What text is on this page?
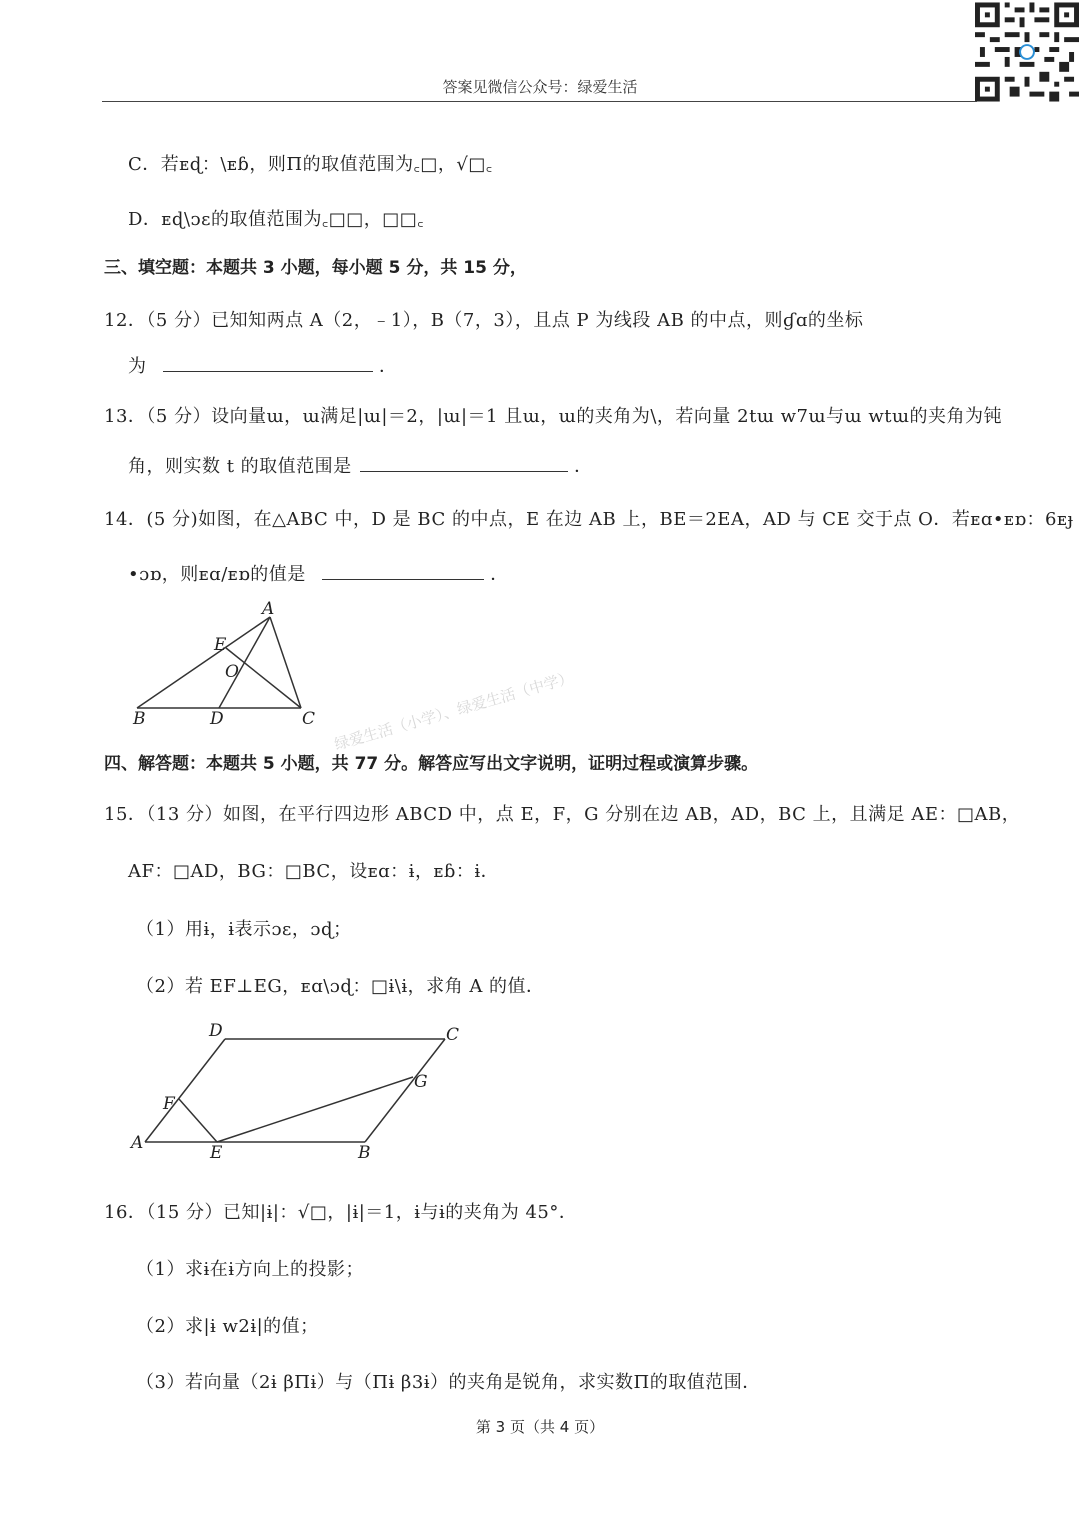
答案见微信公众号：绿爱生活
C．若ᴇɖ：\ᴇɓ，则Π的取值范围为꜀□，√□꜀
D．ᴇɖ\ᴐɛ的取值范围为꜀□□，□□꜀
三、填空题：本题共 3 小题，每小题 5 分，共 15 分，
12．（5 分）已知知两点 A（2，﹣1），B（7，3），且点 P 为线段 AB 的中点，则ɠɑ的坐标
为	．
13．（5 分）设向量ɯ，ɯ满足|ɯ|＝2，|ɯ|＝1 且ɯ，ɯ的夹角为\，若向量 2tɯ w7ɯ与ɯ wtɯ的夹角为钝
角，则实数 t 的取值范围是	．
14．(5 分)如图，在△ABC 中，D 是 BC 的中点，E 在边 AB 上，BE＝2EA，AD 与 CE 交于点 O．若ᴇɑ•ᴇɒ：6ᴇɟ
•ɔɒ，则ᴇɑ/ᴇɒ的值是	．
A
B	C
D
E
O	绿爱生活（小学）、绿爱生活（中学）
四、解答题：本题共 5 小题，共 77 分。解答应写出文字说明，证明过程或演算步骤。
15．（13 分）如图，在平行四边形 ABCD 中，点 E，F，G 分别在边 AB，AD，BC 上，且满足 AE：□AB，
AF：□AD，BG：□BC，设ᴇɑ：ɨ，ᴇɓ：ɨ．
（1）用ɨ，ɨ表示ɔɛ，ɔɖ；
（2）若 EF⊥EG，ᴇɑ\ɔɖ：□ɨ\ɨ，求角 A 的值．
A	B
C
D
E
F
G
16．（15 分）已知|ɨ|：√□，|ɨ|＝1，ɨ与ɨ的夹角为 45°．
（1）求ɨ在ɨ方向上的投影；
（2）求|ɨ w2ɨ|的值；
（3）若向量（2ɨ βΠɨ）与（Πɨ β3ɨ）的夹角是锐角，求实数Π的取值范围．
第 3 页（共 4 页）
